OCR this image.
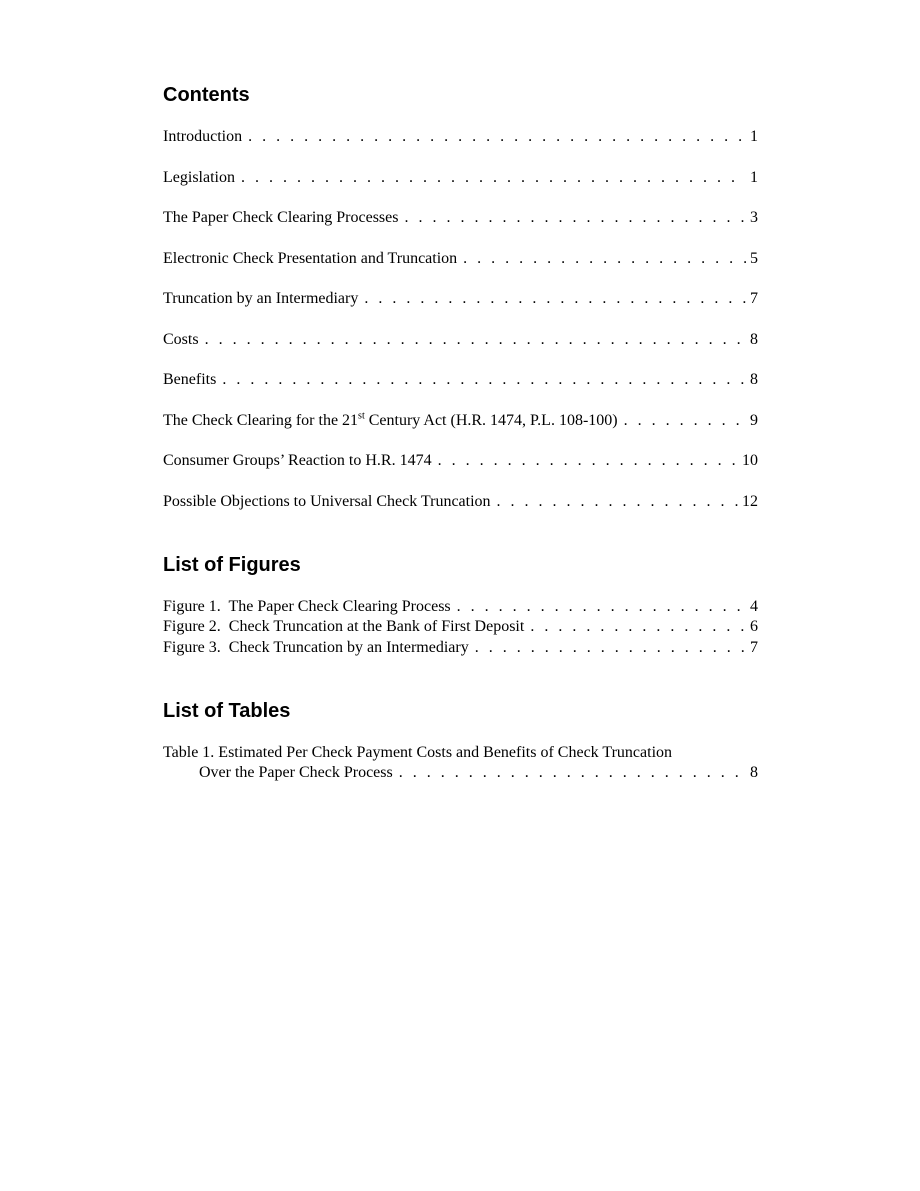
Contents
Introduction . . .	1
Legislation . . .	1
The Paper Check Clearing Processes . . .	3
Electronic Check Presentation and Truncation . . .	5
Truncation by an Intermediary . . .	7
Costs . . .	8
Benefits . . .	8
The Check Clearing for the 21st Century Act (H.R. 1474, P.L. 108-100) . . .	9
Consumer Groups’ Reaction to H.R. 1474 . . .	10
Possible Objections to Universal Check Truncation . . .	12
List of Figures
Figure 1.  The Paper Check Clearing Process . . .	4
Figure 2.  Check Truncation at the Bank of First Deposit . . .	6
Figure 3.  Check Truncation by an Intermediary . . .	7
List of Tables
Table 1. Estimated Per Check Payment Costs and Benefits of Check Truncation
Over the Paper Check Process . . .	8
